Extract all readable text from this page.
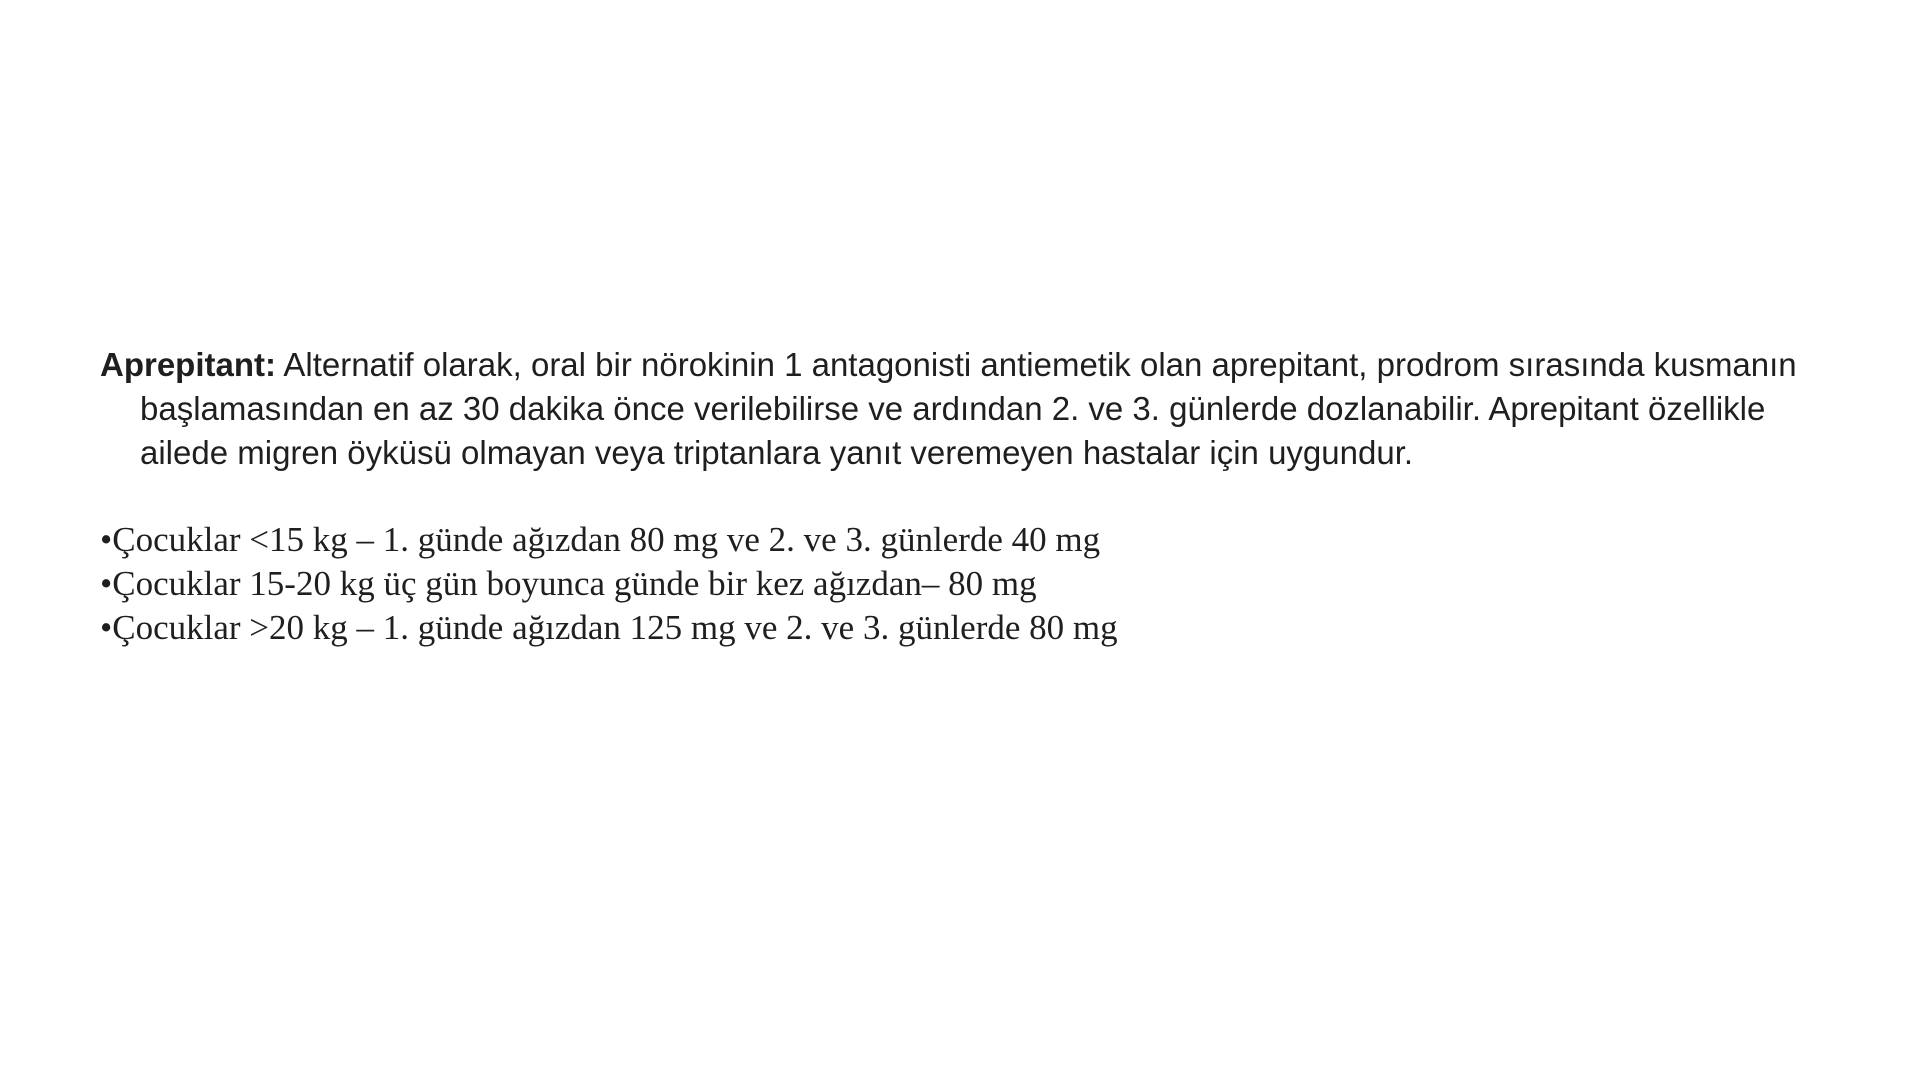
Aprepitant: Alternatif olarak, oral bir nörokinin 1 antagonisti antiemetik olan aprepitant, prodrom sırasında kusmanın başlamasından en az 30 dakika önce verilebilirse ve ardından 2. ve 3. günlerde dozlanabilir. Aprepitant özellikle ailede migren öyküsü olmayan veya triptanlara yanıt veremeyen hastalar için uygundur.

•Çocuklar <15 kg – 1. günde ağızdan 80 mg ve 2. ve 3. günlerde 40 mg
•Çocuklar 15-20 kg üç gün boyunca günde bir kez ağızdan– 80 mg
•Çocuklar >20 kg – 1. günde ağızdan 125 mg ve 2. ve 3. günlerde 80 mg
